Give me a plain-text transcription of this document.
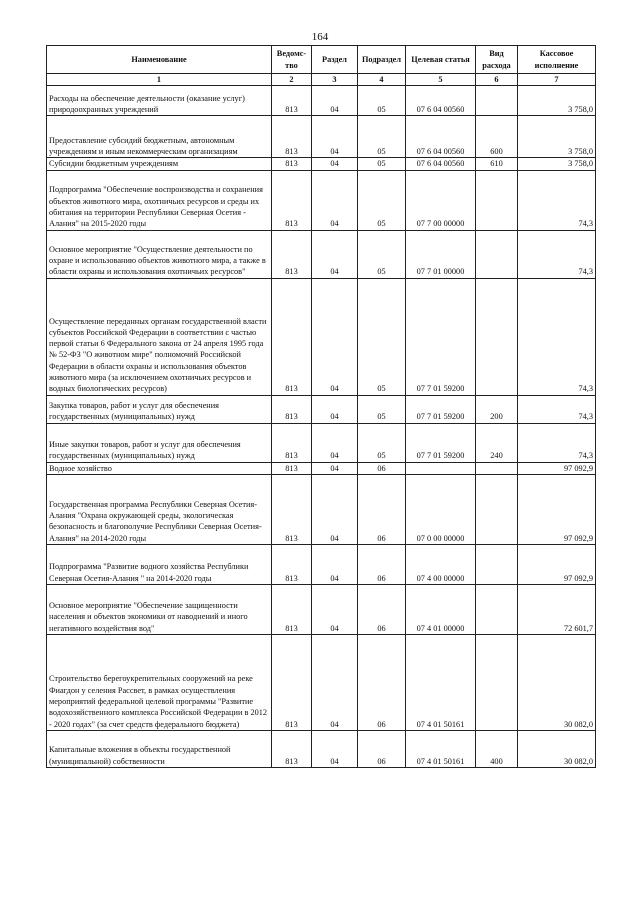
164
Наименование	Ведомс-тво	Раздел	Подраздел	Целевая статья	Вид расхода	Кассовое исполнение
1	2	3	4	5	6	7
Расходы на обеспечение деятельности (оказание услуг) природоохранных учреждений	813	04	05	07 6 04 00560		3 758,0
Предоставление субсидий бюджетным, автономным учреждениям и иным некоммерческим организациям	813	04	05	07 6 04 00560	600	3 758,0
Субсидии бюджетным учреждениям	813	04	05	07 6 04 00560	610	3 758,0
Подпрограмма "Обеспечение воспроизводства и сохранения объектов животного мира, охотничьих ресурсов и среды их обитания на территории Республики Северная Осетия - Алания" на 2015-2020 годы	813	04	05	07 7 00 00000		74,3
Основное мероприятие "Осуществление деятельности по охране и использованию объектов животного мира, а также в области охраны и использования охотничьих ресурсов"	813	04	05	07 7 01 00000		74,3
Осуществление переданных органам государственной власти субъектов Российской Федерации в соответствии с частью первой статьи 6 Федерального закона от 24 апреля 1995 года № 52-ФЗ "О животном мире" полномочий Российской Федерации в области охраны и использования объектов животного мира (за исключением охотничьих ресурсов и водных биологических ресурсов)	813	04	05	07 7 01 59200		74,3
Закупка товаров, работ и услуг для обеспечения государственных (муниципальных) нужд	813	04	05	07 7 01 59200	200	74,3
Иные закупки товаров, работ и услуг для обеспечения государственных (муниципальных) нужд	813	04	05	07 7 01 59200	240	74,3
Водное хозяйство	813	04	06			97 092,9
Государственная программа Республики Северная Осетия-Алания "Охрана окружающей среды, экологическая безопасность и благополучие Республики Северная Осетия-Алания" на 2014-2020 годы	813	04	06	07 0 00 00000		97 092,9
Подпрограмма "Развитие водного хозяйства Республики Северная Осетия-Алания " на 2014-2020 годы	813	04	06	07 4 00 00000		97 092,9
Основное мероприятие "Обеспечение защищенности населения и объектов экономики от наводнений и иного негативного воздействия вод"	813	04	06	07 4 01 00000		72 601,7
Строительство берегоукрепительных сооружений на реке Фиагдон у селения Рассвет, в рамках осуществления мероприятий федеральной целевой программы "Развитие водохозяйственного комплекса Российской Федерации в 2012 - 2020 годах" (за счет средств федерального бюджета)	813	04	06	07 4 01 50161		30 082,0
Капитальные вложения в объекты государственной (муниципальной) собственности	813	04	06	07 4 01 50161	400	30 082,0
